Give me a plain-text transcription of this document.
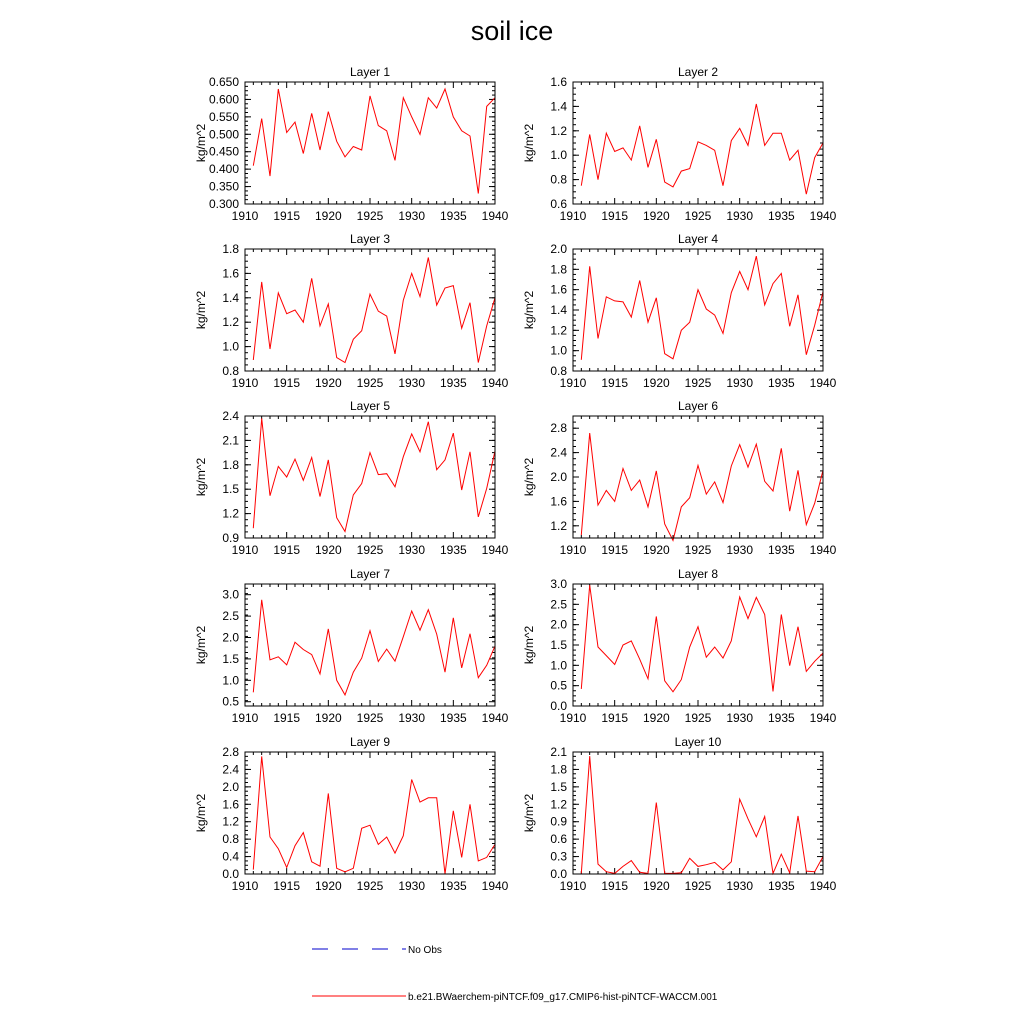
soil ice
Layer 1
kg/m^2
1910 1915 1920 1925 1930 1935 1940
0.300
0.350
0.400
0.450
0.500
0.550
0.600
0.650
Layer 2
kg/m^2
1910 1915 1920 1925 1930 1935 1940
0.6
0.8
1.0
1.2
1.4
1.6
Layer 3
kg/m^2
1910 1915 1920 1925 1930 1935 1940
0.8
1.0
1.2
1.4
1.6
1.8
Layer 4
kg/m^2
1910 1915 1920 1925 1930 1935 1940
0.8
1.0
1.2
1.4
1.6
1.8
2.0
Layer 5
kg/m^2
1910 1915 1920 1925 1930 1935 1940
0.9
1.2
1.5
1.8
2.1
2.4
Layer 6
kg/m^2
1910 1915 1920 1925 1930 1935 1940
1.2
1.6
2.0
2.4
2.8
Layer 7
kg/m^2
1910 1915 1920 1925 1930 1935 1940
0.5
1.0
1.5
2.0
2.5
3.0
Layer 8
kg/m^2
1910 1915 1920 1925 1930 1935 1940
0.0
0.5
1.0
1.5
2.0
2.5
3.0
Layer 9
kg/m^2
1910 1915 1920 1925 1930 1935 1940
0.0
0.4
0.8
1.2
1.6
2.0
2.4
2.8
Layer 10
kg/m^2
1910 1915 1920 1925 1930 1935 1940
0.0
0.3
0.6
0.9
1.2
1.5
1.8
2.1
No Obs
b.e21.BWaerchem-piNTCF.f09_g17.CMIP6-hist-piNTCF-WACCM.001
